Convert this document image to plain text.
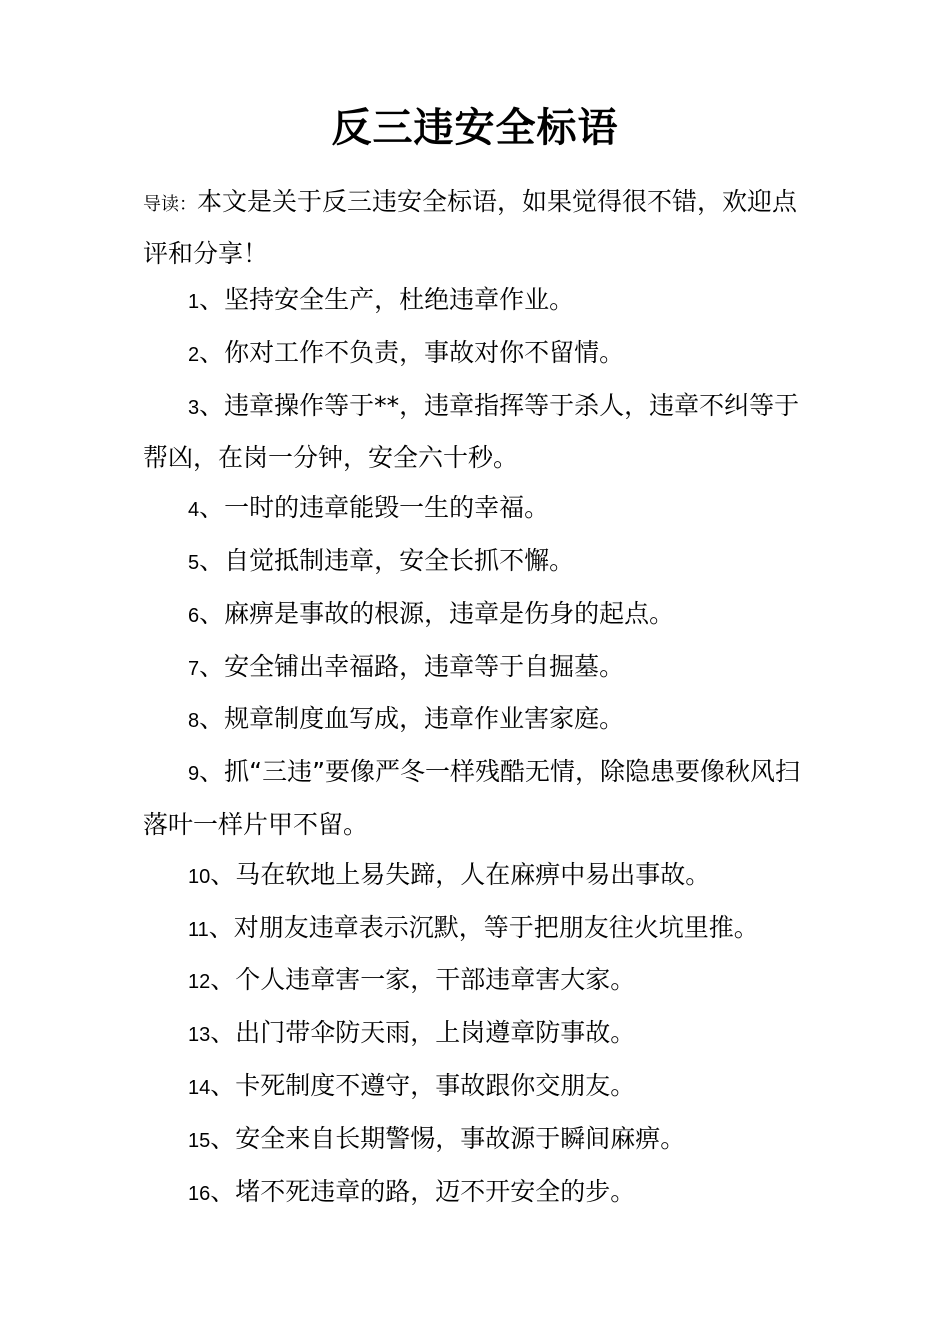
反三违安全标语
导读：本文是关于反三违安全标语，如果觉得很不错，欢迎点评和分享！

1、坚持安全生产，杜绝违章作业。

2、你对工作不负责，事故对你不留情。

3、违章操作等于**，违章指挥等于杀人，违章不纠等于帮凶，在岗一分钟，安全六十秒。

4、一时的违章能毁一生的幸福。

5、自觉抵制违章，安全长抓不懈。

6、麻痹是事故的根源，违章是伤身的起点。

7、安全铺出幸福路，违章等于自掘墓。

8、规章制度血写成，违章作业害家庭。

9、抓“三违”要像严冬一样残酷无情，除隐患要像秋风扫落叶一样片甲不留。

10、马在软地上易失蹄，人在麻痹中易出事故。

11、对朋友违章表示沉默，等于把朋友往火坑里推。

12、个人违章害一家，干部违章害大家。

13、出门带伞防天雨，上岗遵章防事故。

14、卡死制度不遵守，事故跟你交朋友。

15、安全来自长期警惕，事故源于瞬间麻痹。

16、堵不死违章的路，迈不开安全的步。
